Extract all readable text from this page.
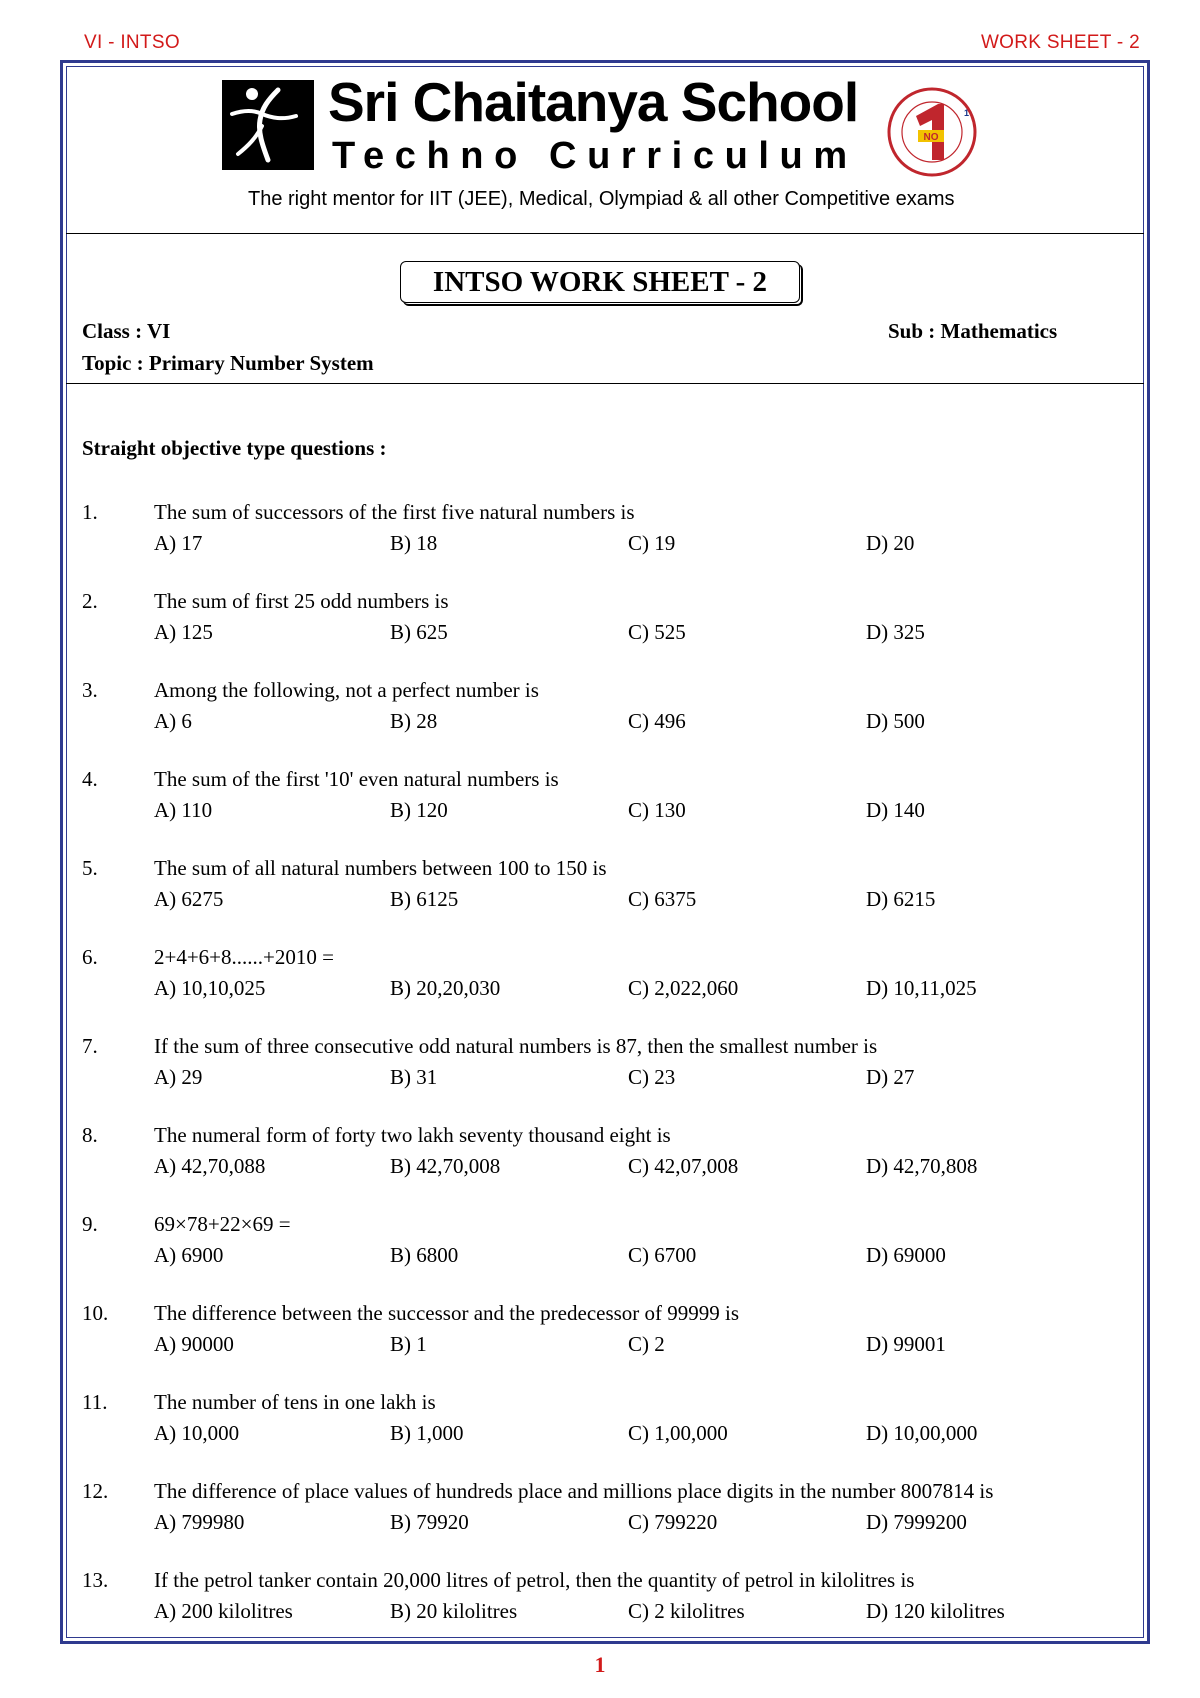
VI - INTSO	WORK SHEET - 2
Sri Chaitanya School
Techno Curriculum	NO
1
The right mentor for IIT (JEE), Medical, Olympiad & all other Competitive exams
INTSO WORK SHEET - 2
Class : VI	Sub : Mathematics
Topic : Primary Number System
Straight objective type questions :
1.	The sum of successors of the first five natural numbers is
A) 17	B) 18	C) 19	D) 20
2.	The sum of first 25 odd numbers is
A) 125	B) 625	C) 525	D) 325
3.	Among the following, not a perfect number is
A) 6	B) 28	C) 496	D) 500
4.	The sum of the first '10' even natural numbers is
A) 110	B) 120	C) 130	D) 140
5.	The sum of all natural numbers between 100 to 150 is
A) 6275	B) 6125	C) 6375	D) 6215
6.	2+4+6+8......+2010 =
A) 10,10,025	B) 20,20,030	C) 2,022,060	D) 10,11,025
7.	If the sum of three consecutive odd natural numbers is 87, then the smallest number is
A) 29	B) 31	C) 23	D) 27
8.	The numeral form of forty two lakh seventy thousand eight is
A) 42,70,088	B) 42,70,008	C) 42,07,008	D) 42,70,808
9.	69×78+22×69 =
A) 6900	B) 6800	C) 6700	D) 69000
10. The difference between the successor and the predecessor of 99999 is
A) 90000	B) 1	C) 2	D) 99001
11. The number of tens in one lakh is
A) 10,000	B) 1,000	C) 1,00,000	D) 10,00,000
12. The difference of place values of hundreds place and millions place digits in the number 8007814 is
A) 799980	B) 79920	C) 799220	D) 7999200
13. If the petrol tanker contain 20,000 litres of petrol, then the quantity of petrol in kilolitres is
A) 200 kilolitres	B) 20 kilolitres	C) 2 kilolitres	D) 120 kilolitres
1
